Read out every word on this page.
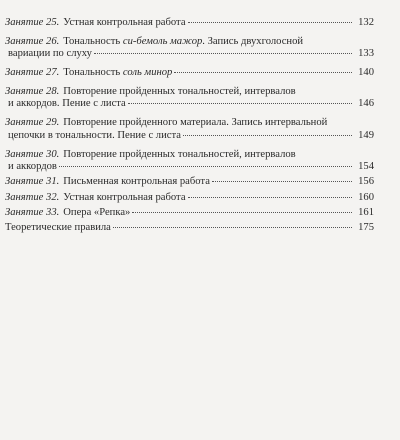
Занятие 25. Устная контрольная работа	132
Занятие 26. Тональность си-бемоль мажор. Запись двухголосной
вариации по слуху	133
Занятие 27. Тональность соль минор	140
Занятие 28. Повторение пройденных тональностей, интервалов
и аккордов. Пение с листа	146
Занятие 29. Повторение пройденного материала. Запись интервальной
цепочки в тональности. Пение с листа	149
Занятие 30. Повторение пройденных тональностей, интервалов
и аккордов	154
Занятие 31. Письменная контрольная работа	156
Занятие 32. Устная контрольная работа	160
Занятие 33. Опера «Репка»	161
Теоретические правила	175
